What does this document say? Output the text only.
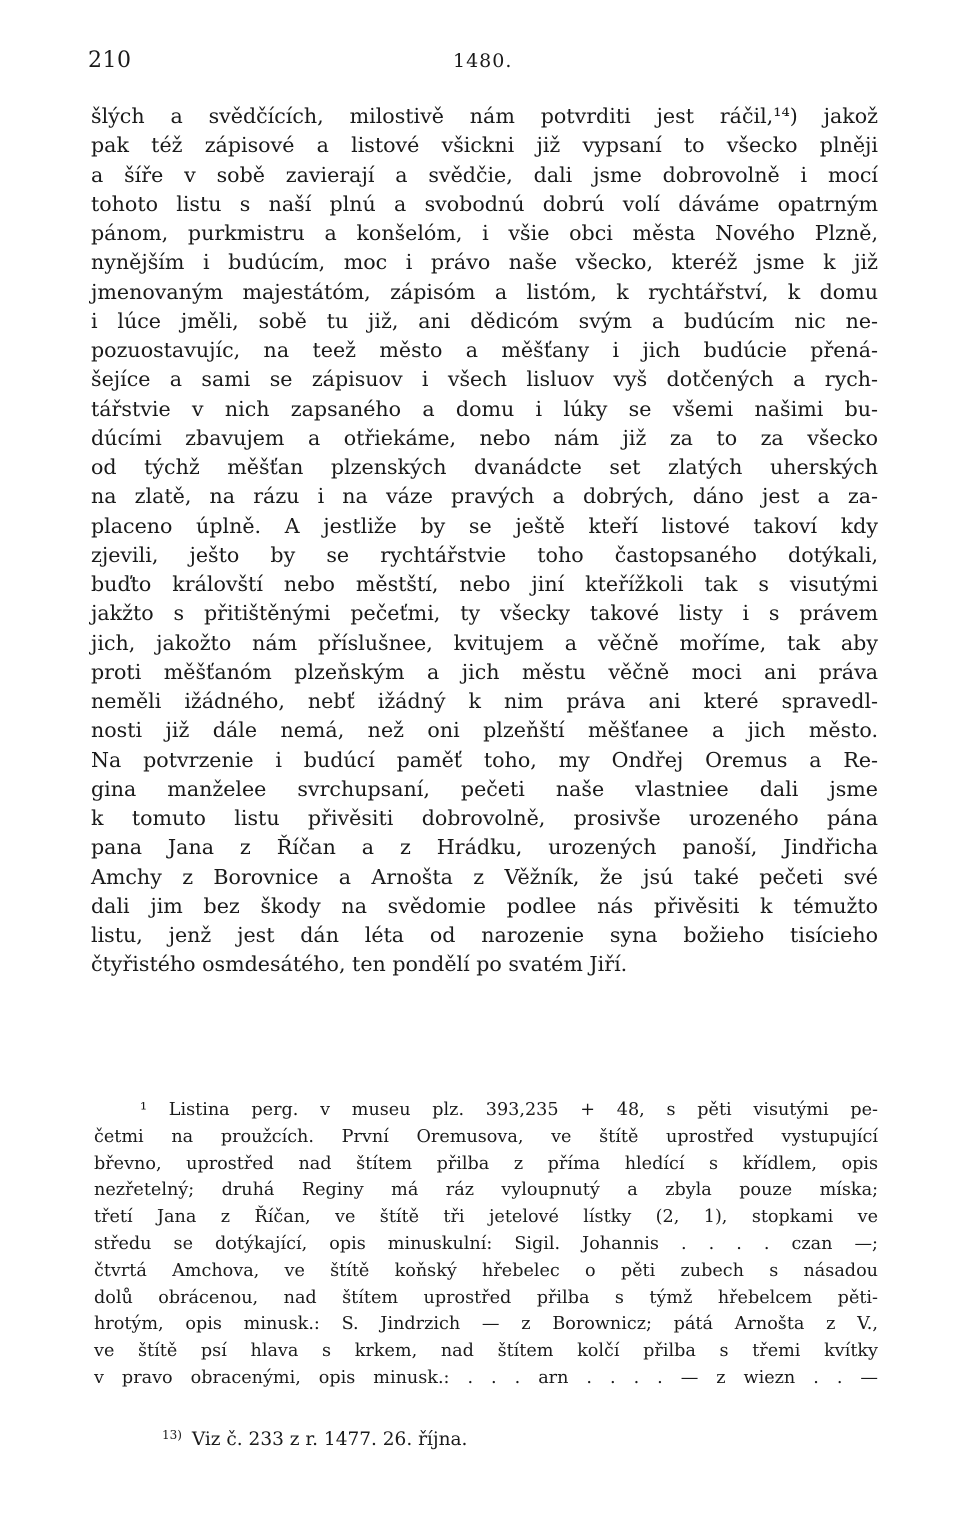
210	1480.
šlých a svědčících, milostivě nám potvrditi jest ráčil,¹⁴) jakož
pak též zápisové a listové všickni již vypsaní to všecko plněji
a šíře v sobě zavierají a svědčie, dali jsme dobrovolně i mocí
tohoto listu s naší plnú a svobodnú dobrú volí dáváme opatrným
pánom, purkmistru a konšelóm, i všie obci města Nového Plzně,
nynějším i budúcím, moc i právo naše všecko, kteréž jsme k již
jmenovaným majestátóm, zápisóm a listóm, k rychtářství, k domu
i lúce jměli, sobě tu již, ani dědicóm svým a budúcím nic ne-
pozuostavujíc, na teež město a měšťany i jich budúcie přená-
šejíce a sami se zápisuov i všech lisluov vyš dotčených a rych-
tářstvie v nich zapsaného a domu i lúky se všemi našimi bu-
dúcími zbavujem a otřiekáme, nebo nám již za to za všecko
od týchž měšťan plzenských dvanádcte set zlatých uherských
na zlatě, na rázu i na váze pravých a dobrých, dáno jest a za-
placeno úplně. A jestliže by se ještě kteří listové takoví kdy
zjevili, ješto by se rychtářstvie toho častopsaného dotýkali,
buďto královští nebo městští, nebo jiní kteřížkoli tak s visutými
jakžto s přitištěnými pečeťmi, ty všecky takové listy i s právem
jich, jakožto nám příslušnee, kvitujem a věčně moříme, tak aby
proti měšťanóm plzeňským a jich městu věčně moci ani práva
neměli ižádného, nebť ižádný k nim práva ani které spravedl-
nosti již dále nemá, než oni plzeňští měšťanee a jich město.
Na potvrzenie i budúcí paměť toho, my Ondřej Oremus a Re-
gina manželee svrchupsaní, pečeti naše vlastniee dali jsme
k tomuto listu přivěsiti dobrovolně, prosivše urozeného pána
pana Jana z Říčan a z Hrádku, urozených panoší, Jindřicha
Amchy z Borovnice a Arnošta z Věžník, že jsú také pečeti své
dali jim bez škody na svědomie podlee nás přivěsiti k témužto
listu, jenž jest dán léta od narozenie syna božieho tisícieho
čtyřistého osmdesátého, ten pondělí po svatém Jiří.
¹ Listina perg. v museu plz. 393,235 + 48, s pěti visutými pe-
četmi na proužcích. První Oremusova, ve štítě uprostřed vystupující
břevno, uprostřed nad štítem přilba z příma hledící s křídlem, opis
nezřetelný; druhá Reginy má ráz vyloupnutý a zbyla pouze míska;
třetí Jana z Říčan, ve štítě tři jetelové lístky (2, 1), stopkami ve
středu se dotýkající, opis minuskulní: Sigil. Johannis . . . . czan —;
čtvrtá Amchova, ve štítě koňský hřebelec o pěti zubech s násadou
dolů obrácenou, nad štítem uprostřed přilba s týmž hřebelcem pěti-
hrotým, opis minusk.: S. Jindrzich — z Borownicz; pátá Arnošta z V.,
ve štítě psí hlava s krkem, nad štítem kolčí přilba s třemi kvítky
v pravo obracenými, opis minusk.: . . . arn . . . . — z wiezn . . —
$^{13)}$ Viz č. 233 z r. 1477. 26. října.
